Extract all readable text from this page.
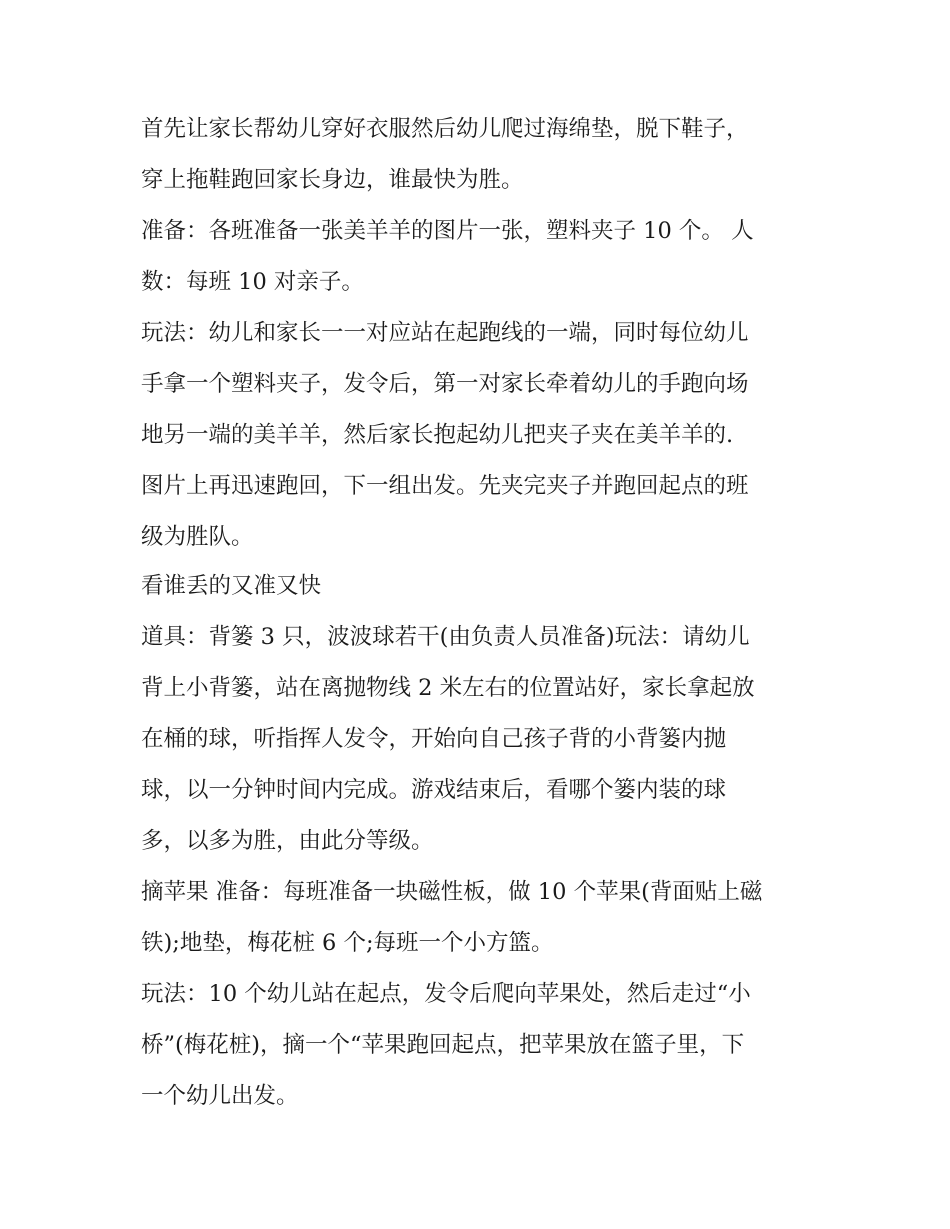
首先让家长帮幼儿穿好衣服然后幼儿爬过海绵垫，脱下鞋子，
穿上拖鞋跑回家长身边，谁最快为胜。
准备：各班准备一张美羊羊的图片一张，塑料夹子 10 个。 人
数：每班 10 对亲子。
玩法：幼儿和家长一一对应站在起跑线的一端，同时每位幼儿
手拿一个塑料夹子，发令后，第一对家长牵着幼儿的手跑向场
地另一端的美羊羊，然后家长抱起幼儿把夹子夹在美羊羊的.
图片上再迅速跑回，下一组出发。先夹完夹子并跑回起点的班
级为胜队。
看谁丢的又准又快
道具：背篓 3 只，波波球若干(由负责人员准备)玩法：请幼儿
背上小背篓，站在离抛物线 2 米左右的位置站好，家长拿起放
在桶的球，听指挥人发令，开始向自己孩子背的小背篓内抛
球，以一分钟时间内完成。游戏结束后，看哪个篓内装的球
多，以多为胜，由此分等级。
摘苹果 准备：每班准备一块磁性板，做 10 个苹果(背面贴上磁
铁);地垫，梅花桩 6 个;每班一个小方篮。
玩法：10 个幼儿站在起点，发令后爬向苹果处，然后走过“小
桥”(梅花桩)，摘一个“苹果跑回起点，把苹果放在篮子里，下
一个幼儿出发。
